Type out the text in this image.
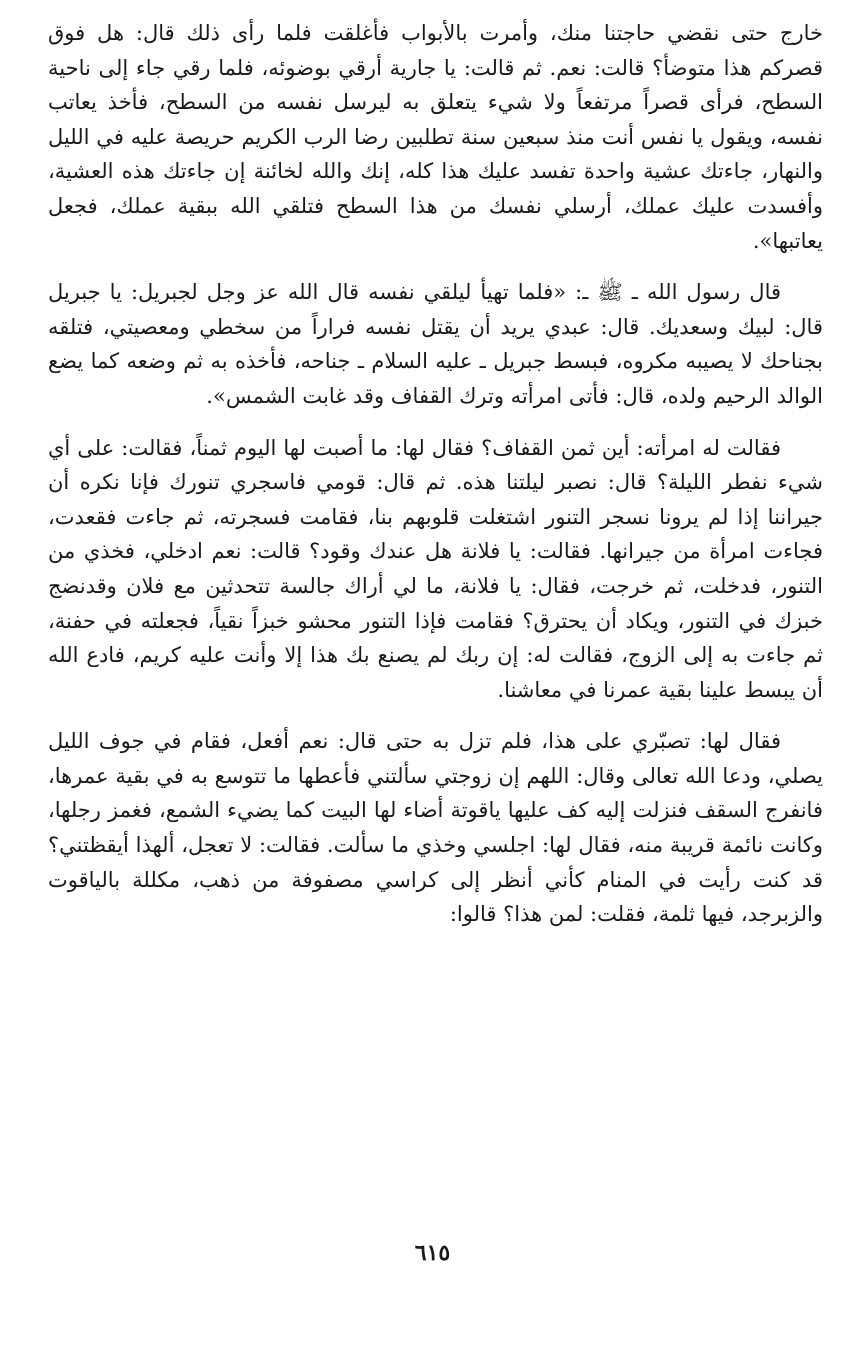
خارج حتى نقضي حاجتنا منك، وأمرت بالأبواب فأغلقت فلما رأى ذلك قال: هل فوق قصركم هذا متوضأ؟ قالت: نعم. ثم قالت: يا جارية أرقي بوضوئه، فلما رقي جاء إلى ناحية السطح، فرأى قصراً مرتفعاً ولا شيء يتعلق به ليرسل نفسه من السطح، فأخذ يعاتب نفسه، ويقول يا نفس أنت منذ سبعين سنة تطلبين رضا الرب الكريم حريصة عليه في الليل والنهار، جاءتك عشية واحدة تفسد عليك هذا كله، إنك والله لخائنة إن جاءتك هذه العشية، وأفسدت عليك عملك، أرسلي نفسك من هذا السطح فتلقي الله ببقية عملك، فجعل يعاتبها».

قال رسول الله ـ ﷺ ـ: «فلما تهيأ ليلقي نفسه قال الله عز وجل لجبريل: يا جبريل قال: لبيك وسعديك. قال: عبدي يريد أن يقتل نفسه فراراً من سخطي ومعصيتي، فتلقه بجناحك لا يصيبه مكروه، فبسط جبريل ـ عليه السلام ـ جناحه، فأخذه به ثم وضعه كما يضع الوالد الرحيم ولده، قال: فأتى امرأته وترك القفاف وقد غابت الشمس».

فقالت له امرأته: أين ثمن القفاف؟ فقال لها: ما أصبت لها اليوم ثمناً، فقالت: على أي شيء نفطر الليلة؟ قال: نصبر ليلتنا هذه. ثم قال: قومي فاسجري تنورك فإنا نكره أن جيراننا إذا لم يرونا نسجر التنور اشتغلت قلوبهم بنا، فقامت فسجرته، ثم جاءت فقعدت، فجاءت امرأة من جيرانها. فقالت: يا فلانة هل عندك وقود؟ قالت: نعم ادخلي، فخذي من التنور، فدخلت، ثم خرجت، فقال: يا فلانة، ما لي أراك جالسة تتحدثين مع فلان وقدنضج خبزك في التنور، ويكاد أن يحترق؟ فقامت فإذا التنور محشو خبزاً نقياً، فجعلته في حفنة، ثم جاءت به إلى الزوج، فقالت له: إن ربك لم يصنع بك هذا إلا وأنت عليه كريم، فادع الله أن يبسط علينا بقية عمرنا في معاشنا.

فقال لها: تصبّري على هذا، فلم تزل به حتى قال: نعم أفعل، فقام في جوف الليل يصلي، ودعا الله تعالى وقال: اللهم إن زوجتي سألتني فأعطها ما تتوسع به في بقية عمرها، فانفرج السقف فنزلت إليه كف عليها ياقوتة أضاء لها البيت كما يضيء الشمع، فغمز رجلها، وكانت نائمة قريبة منه، فقال لها: اجلسي وخذي ما سألت. فقالت: لا تعجل، ألهذا أيقظتني؟ قد كنت رأيت في المنام كأني أنظر إلى كراسي مصفوفة من ذهب، مكللة بالياقوت والزبرجد، فيها ثلمة، فقلت: لمن هذا؟ قالوا:

٦١٥
